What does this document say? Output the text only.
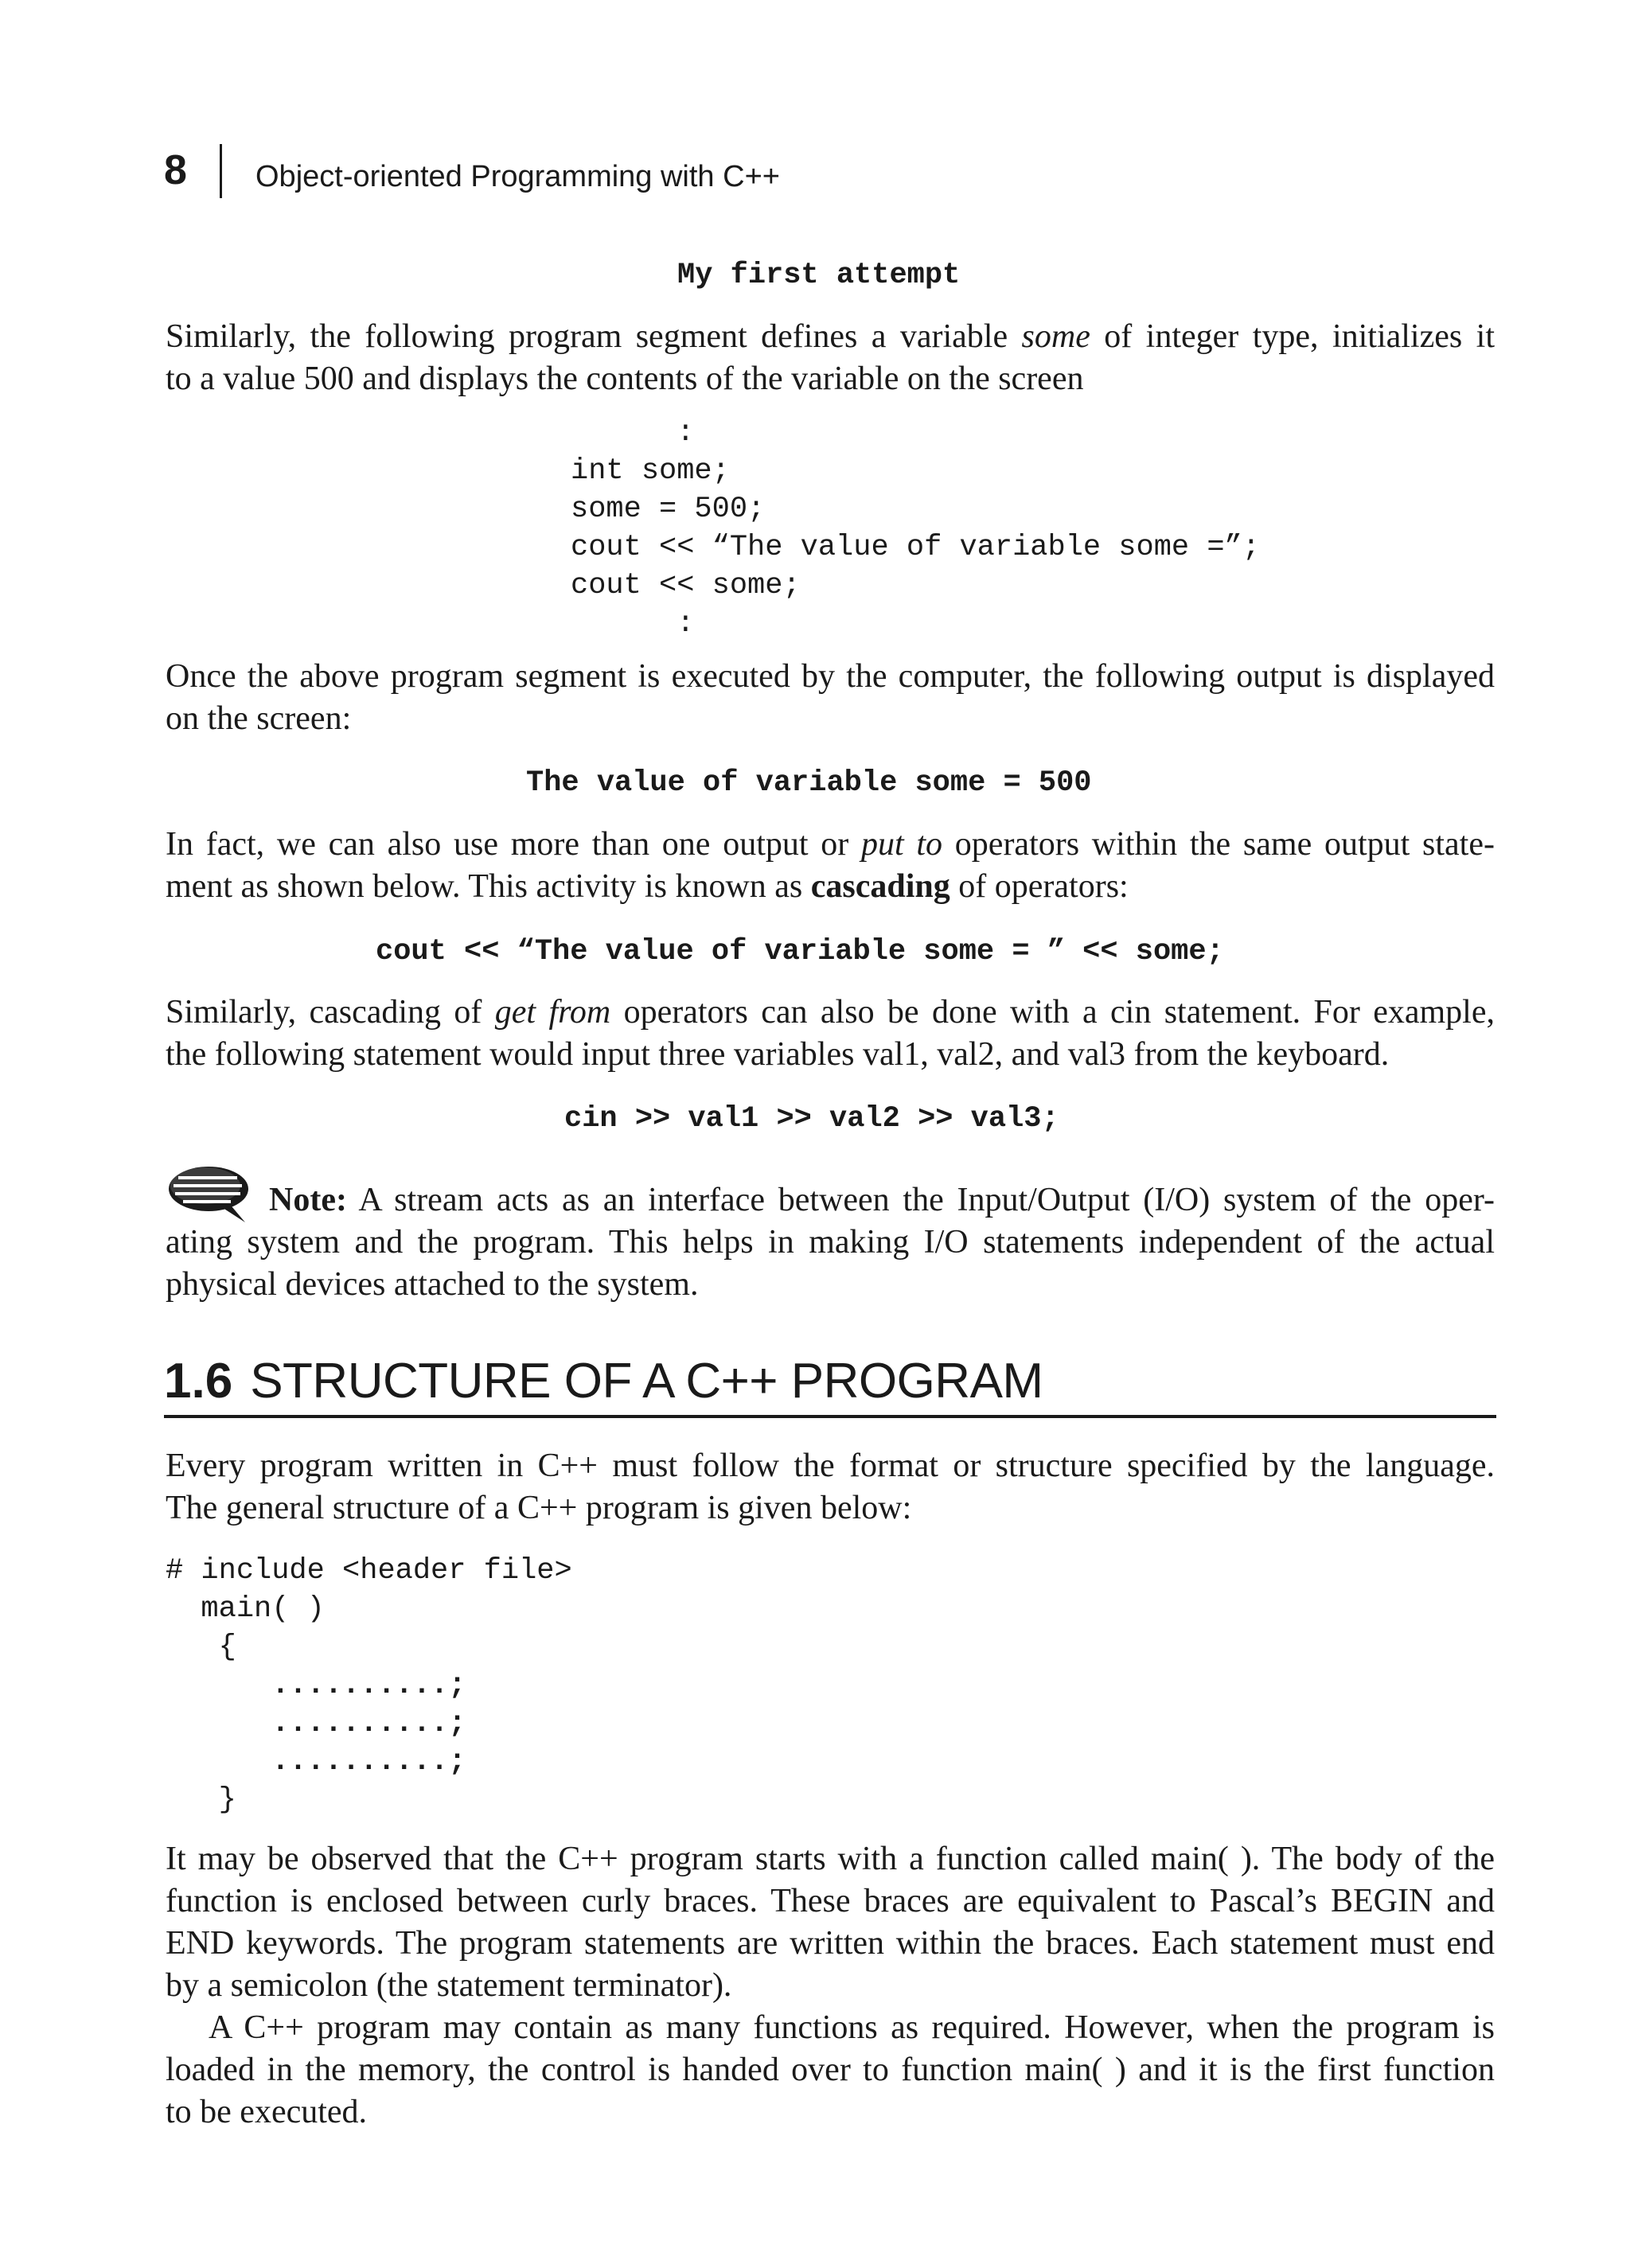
8 Object-oriented Programming with C++
My first attempt
Similarly, the following program segment defines a variable some of integer type, initializes it
to a value 500 and displays the contents of the variable on the screen
:
int some;
some = 500;
cout << “The value of variable some =”;
cout << some;
:
Once the above program segment is executed by the computer, the following output is displayed
on the screen:
The value of variable some = 500
In fact, we can also use more than one output or put to operators within the same output state-
ment as shown below. This activity is known as cascading of operators:
cout << “The value of variable some = ” << some;
Similarly, cascading of get from operators can also be done with a cin statement. For example,
the following statement would input three variables val1, val2, and val3 from the keyboard.
cin >> val1 >> val2 >> val3;
Note: A stream acts as an interface between the Input/Output (I/O) system of the oper-
ating system and the program. This helps in making I/O statements independent of the actual
physical devices attached to the system.
1.6 STRUCTURE OF A C++ PROGRAM
Every program written in C++ must follow the format or structure specified by the language.
The general structure of a C++ program is given below:
# include <header file>
main( )
{
..........;
..........;
..........;
}
It may be observed that the C++ program starts with a function called main( ). The body of the
function is enclosed between curly braces. These braces are equivalent to Pascal’s BEGIN and
END keywords. The program statements are written within the braces. Each statement must end
by a semicolon (the statement terminator).
A C++ program may contain as many functions as required. However, when the program is
loaded in the memory, the control is handed over to function main( ) and it is the first function
to be executed.
